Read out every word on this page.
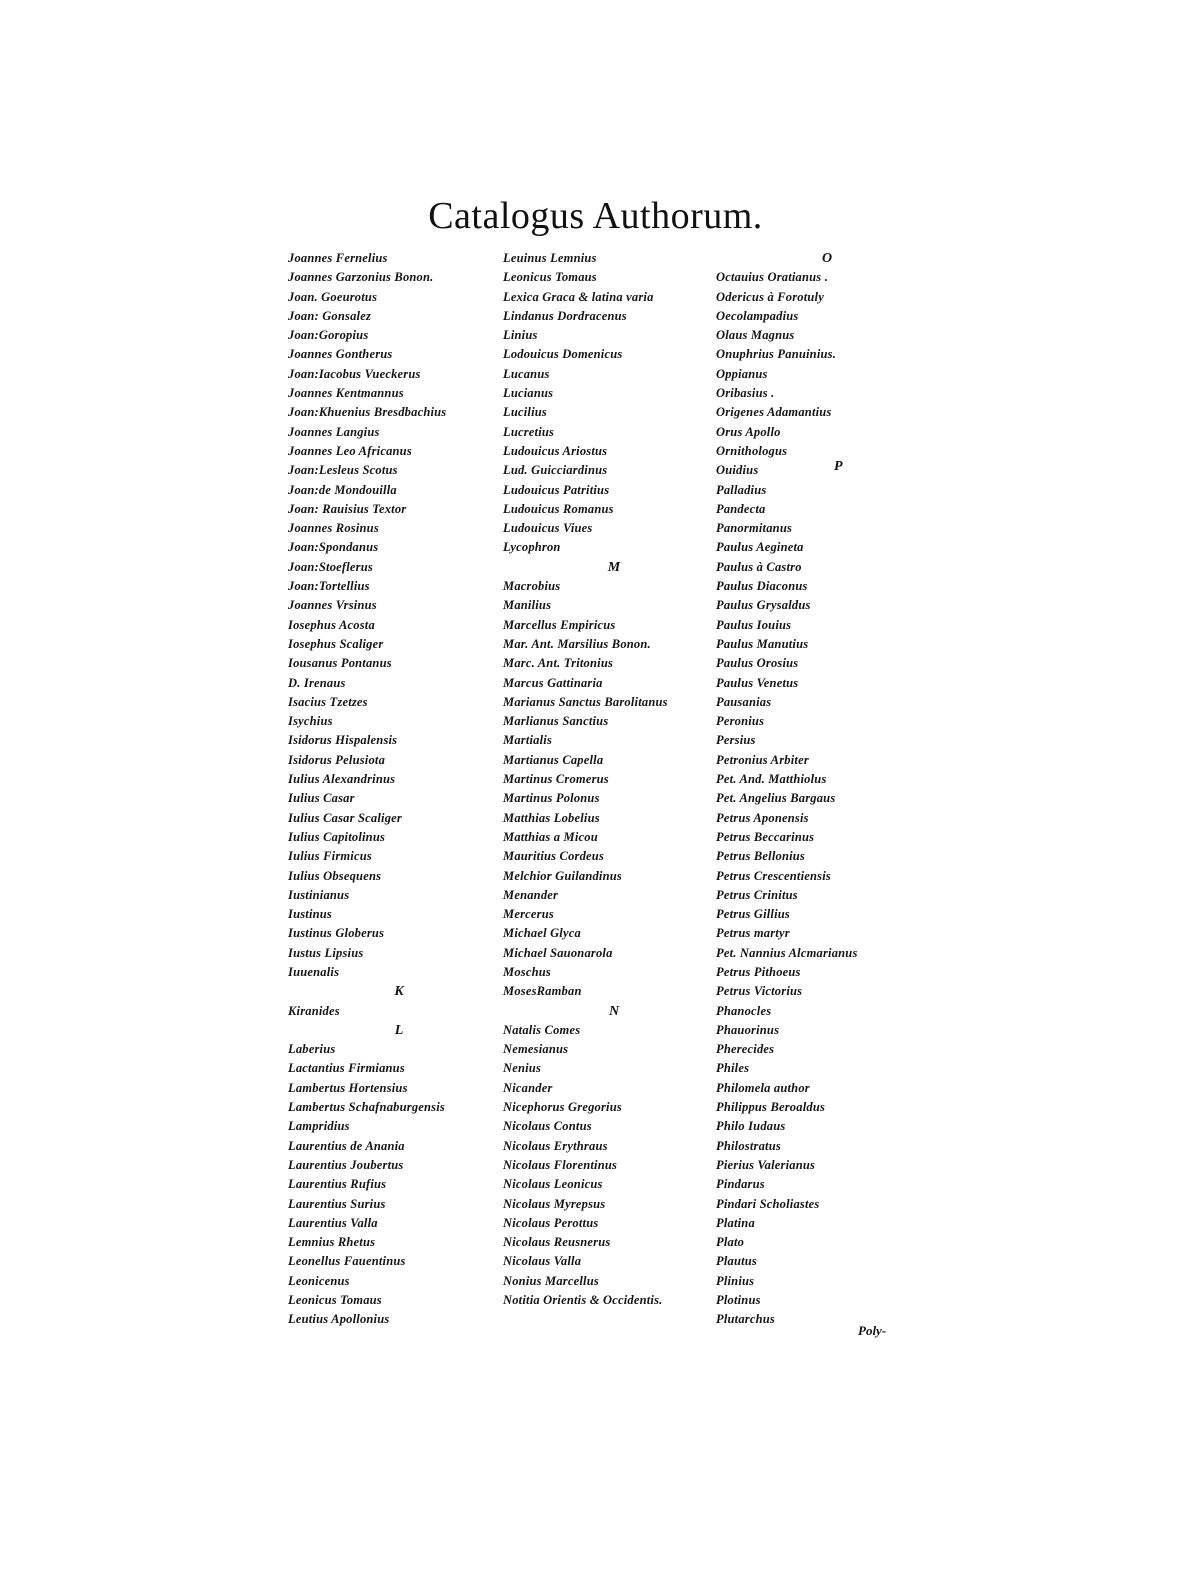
Catalogus Authorum.
Joannes Fernelius
Joannes Garzonius Bonon.
Joan. Goeurotus
Joan: Gonsalez
Joan:Goropius
Joannes Gontherus
Joan:Iacobus Vueckerus
Joannes Kentmannus
Joan:Khuenius Bresdbachius
Joannes Langius
Joannes Leo Africanus
Joan:Lesleus Scotus
Joan:de Mondouilla
Joan: Rauisius Textor
Joannes Rosinus
Joan:Spondanus
Joan:Stoeflerus
Joan:Tortellius
Joannes Vrsinus
Iosephus Acosta
Iosephus Scaliger
Iousanus Pontanus
D. Irenaus
Isacius Tzetzes
Isychius
Isidorus Hispalensis
Isidorus Pelusiota
Iulius Alexandrinus
Iulius Casar
Iulius Casar Scaliger
Iulius Capitolinus
Iulius Firmicus
Iulius Obsequens
Iustinianus
Iustinus
Iustinus Globerus
Iustus Lipsius
Iuuenalis
K
Kiranides
L
Laberius
Lactantius Firmianus
Lambertus Hortensius
Lambertus Schafnaburgensis
Lampridius
Laurentius de Anania
Laurentius Joubertus
Laurentius Rufius
Laurentius Surius
Laurentius Valla
Lemnius Rhetus
Leonellus Fauentinus
Leonicenus
Leonicus Tomaus
Leutius Apollonius
Leuinus Lemnius
Leonicus Tomaus
Lexica Graca & latina varia
Lindanus Dordracenus
Linius
Lodouicus Domenicus
Lucanus
Lucianus
Lucilius
Lucretius
Ludouicus Ariostus
Lud. Guicciardinus
Ludouicus Patritius
Ludouicus Romanus
Ludouicus Viues
Lycophron
M
Macrobius
Manilius
Marcellus Empiricus
Mar. Ant. Marsilius Bonon.
Marc. Ant. Tritonius
Marcus Gattinaria
Marianus Sanctus Barolitanus
Marlianus Sanctius
Martialis
Martianus Capella
Martinus Cromerus
Martinus Polonus
Matthias Lobelius
Matthias a Micou
Mauritius Cordeus
Melchior Guilandinus
Menander
Mercerus
Michael Glyca
Michael Sauonarola
Moschus
MosesRamban
N
Natalis Comes
Nemesianus
Nenius
Nicander
Nicephorus Gregorius
Nicolaus Contus
Nicolaus Erythraus
Nicolaus Florentinus
Nicolaus Leonicus
Nicolaus Myrepsus
Nicolaus Perottus
Nicolaus Reusnerus
Nicolaus Valla
Nonius Marcellus
Notitia Orientis & Occidentis.
O
Octauius Oratianus .
Odericus à Forotuly
Oecolampadius
Olaus Magnus
Onuphrius Panuinius.
Oppianus
Oribasius .
Origenes Adamantius
Orus Apollo
Ornithologus
Ouidius
Palladius
Pandecta
Panormitanus
Paulus Aegineta
Paulus à Castro
Paulus Diaconus
Paulus Grysaldus
Paulus Iouius
Paulus Manutius
Paulus Orosius
Paulus Venetus
Pausanias
Peronius
Persius
Petronius Arbiter
Pet. And. Matthiolus
Pet. Angelius Bargaus
Petrus Aponensis
Petrus Beccarinus
Petrus Bellonius
Petrus Crescentiensis
Petrus Crinitus
Petrus Gillius
Petrus martyr
Pet. Nannius Alcmarianus
Petrus Pithoeus
Petrus Victorius
Phanocles
Phauorinus
Pherecides
Philes
Philomela author
Philippus Beroaldus
Philo Iudaus
Philostratus
Pierius Valerianus
Pindarus
Pindari Scholiastes
Platina
Plato
Plautus
Plinius
Plotinus
Plutarchus
P
Poly-
